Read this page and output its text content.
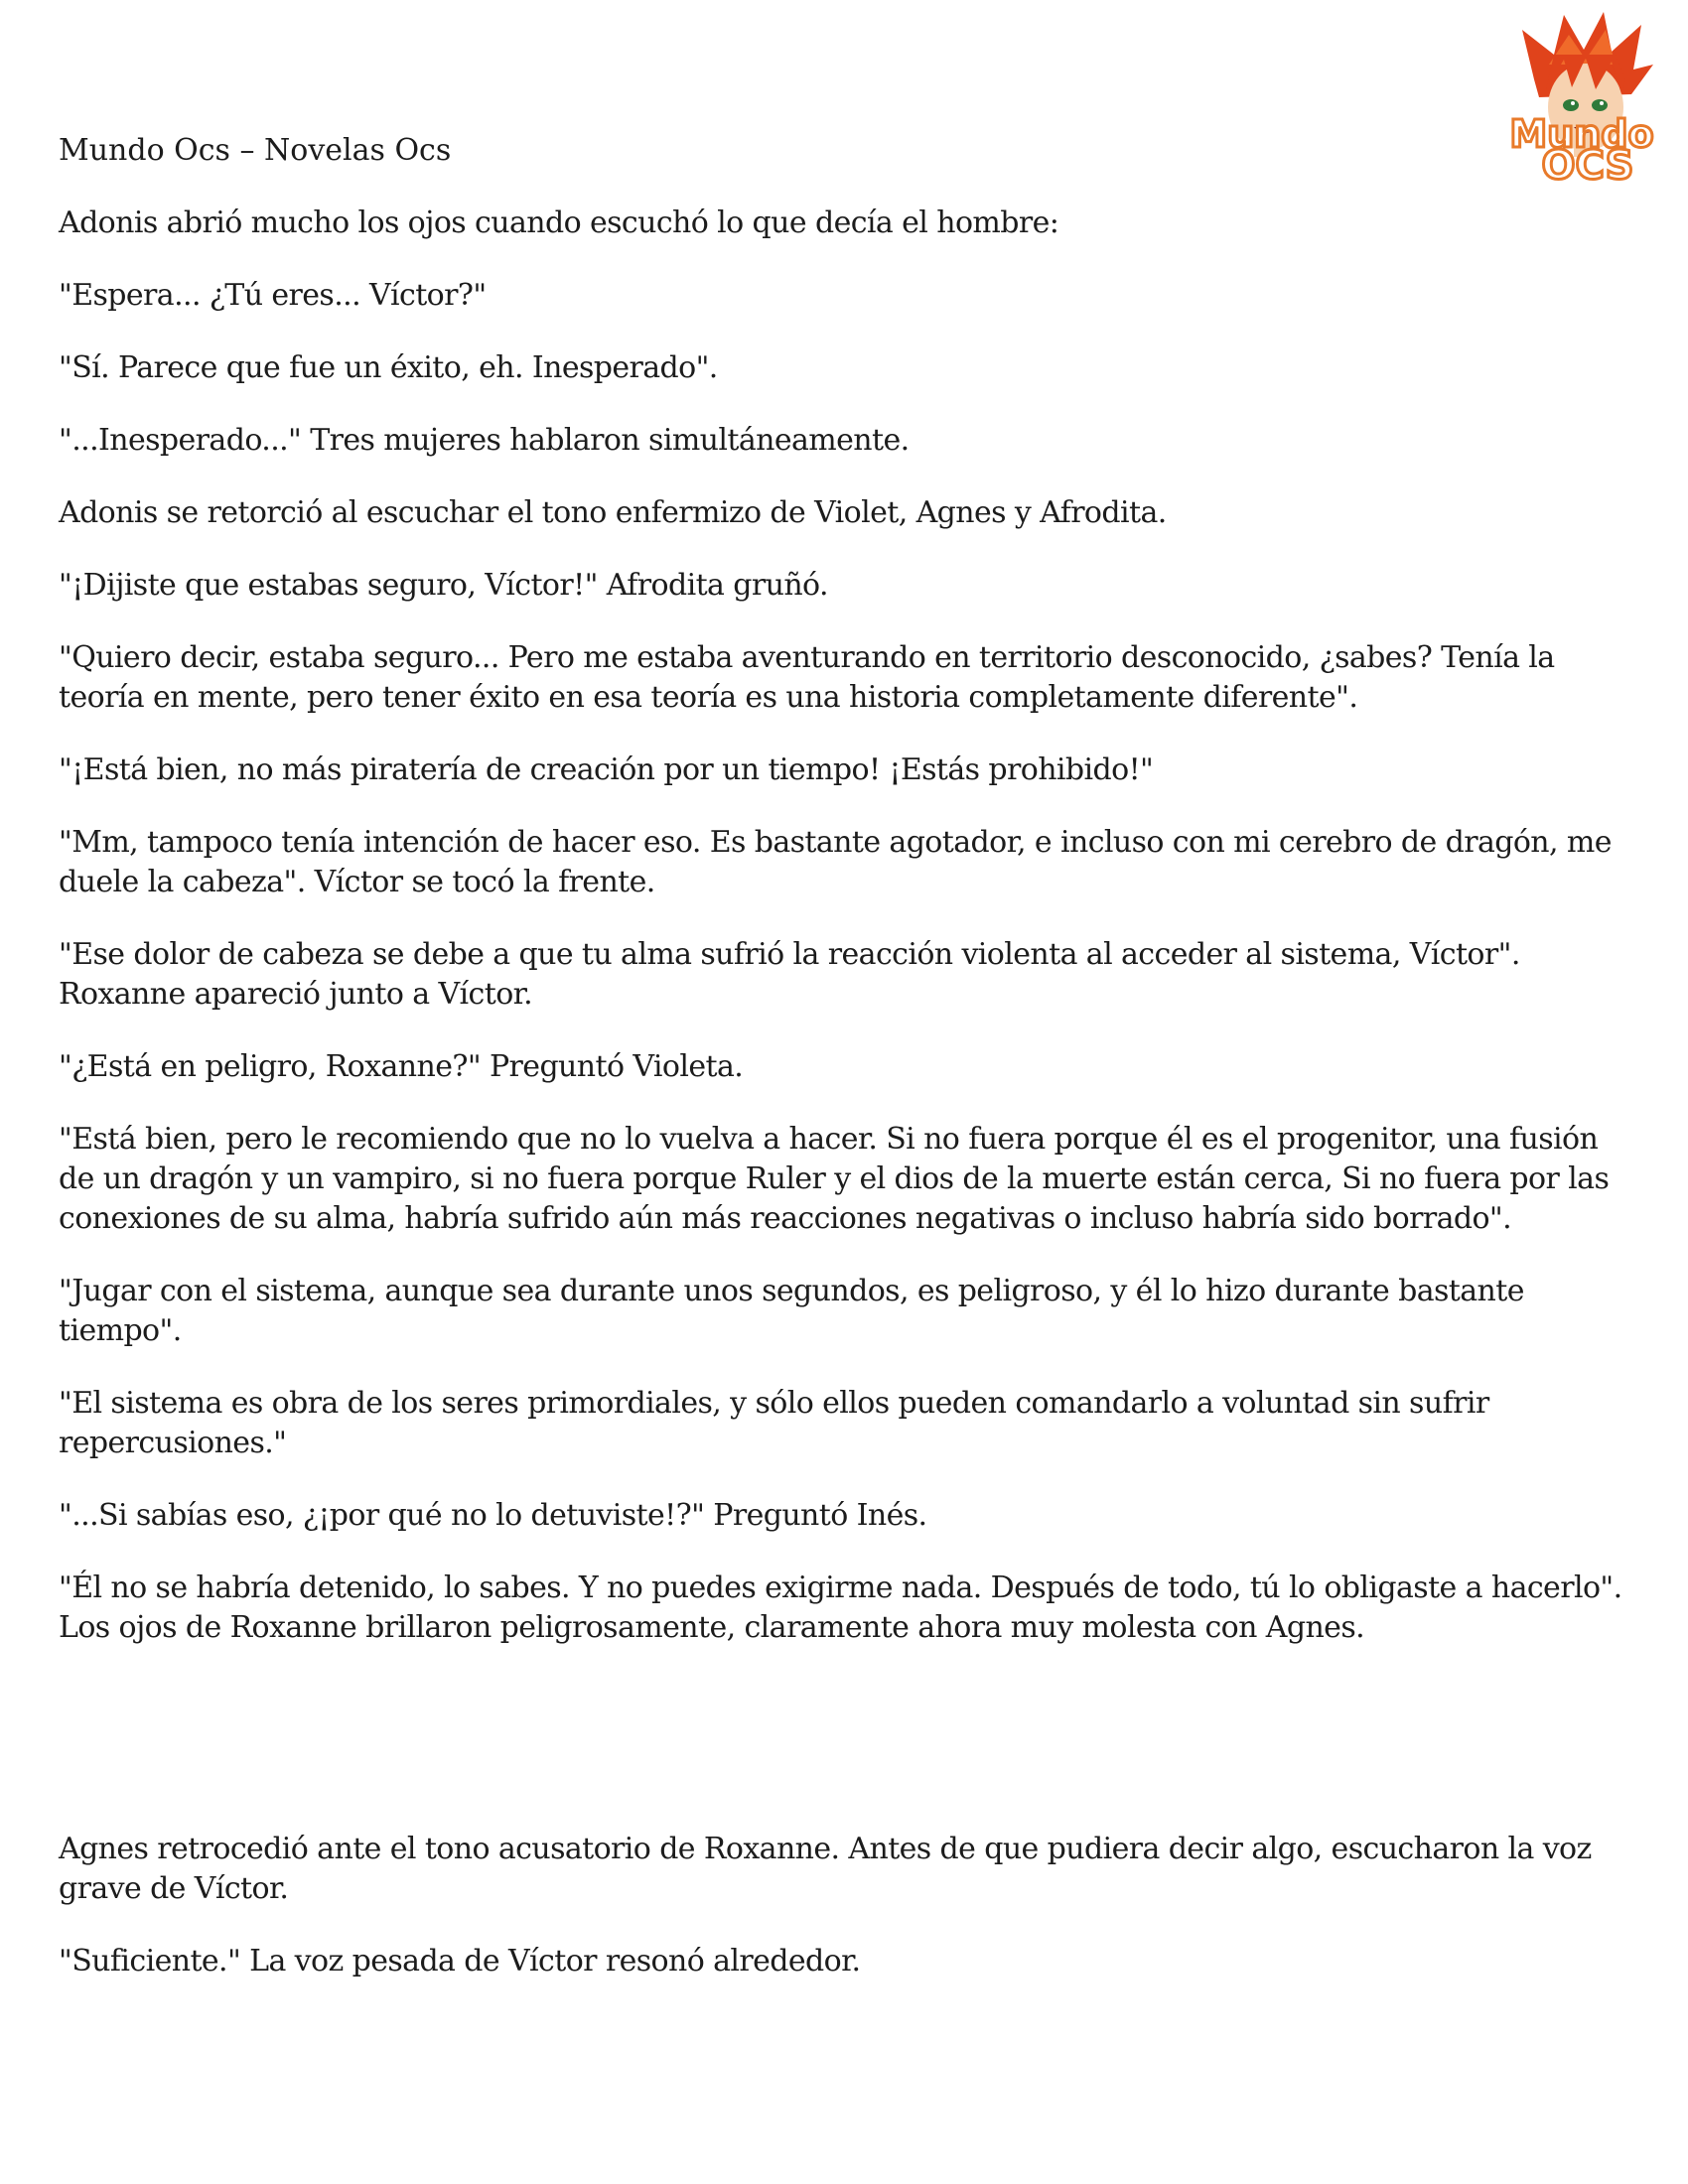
Mundo
OCS
Mundo Ocs – Novelas Ocs

Adonis abrió mucho los ojos cuando escuchó lo que decía el hombre:

"Espera... ¿Tú eres... Víctor?"

"Sí. Parece que fue un éxito, eh. Inesperado".

"...Inesperado..." Tres mujeres hablaron simultáneamente.

Adonis se retorció al escuchar el tono enfermizo de Violet, Agnes y Afrodita.

"¡Dijiste que estabas seguro, Víctor!" Afrodita gruñó.

"Quiero decir, estaba seguro... Pero me estaba aventurando en territorio desconocido, ¿sabes? Tenía la teoría en mente, pero tener éxito en esa teoría es una historia completamente diferente".

"¡Está bien, no más piratería de creación por un tiempo! ¡Estás prohibido!"

"Mm, tampoco tenía intención de hacer eso. Es bastante agotador, e incluso con mi cerebro de dragón, me duele la cabeza". Víctor se tocó la frente.

"Ese dolor de cabeza se debe a que tu alma sufrió la reacción violenta al acceder al sistema, Víctor". Roxanne apareció junto a Víctor.

"¿Está en peligro, Roxanne?" Preguntó Violeta.

"Está bien, pero le recomiendo que no lo vuelva a hacer. Si no fuera porque él es el progenitor, una fusión de un dragón y un vampiro, si no fuera porque Ruler y el dios de la muerte están cerca, Si no fuera por las conexiones de su alma, habría sufrido aún más reacciones negativas o incluso habría sido borrado".

"Jugar con el sistema, aunque sea durante unos segundos, es peligroso, y él lo hizo durante bastante tiempo".

"El sistema es obra de los seres primordiales, y sólo ellos pueden comandarlo a voluntad sin sufrir repercusiones."

"...Si sabías eso, ¿¡por qué no lo detuviste!?" Preguntó Inés.

"Él no se habría detenido, lo sabes. Y no puedes exigirme nada. Después de todo, tú lo obligaste a hacerlo". Los ojos de Roxanne brillaron peligrosamente, claramente ahora muy molesta con Agnes.

Agnes retrocedió ante el tono acusatorio de Roxanne. Antes de que pudiera decir algo, escucharon la voz grave de Víctor.

"Suficiente." La voz pesada de Víctor resonó alrededor.
